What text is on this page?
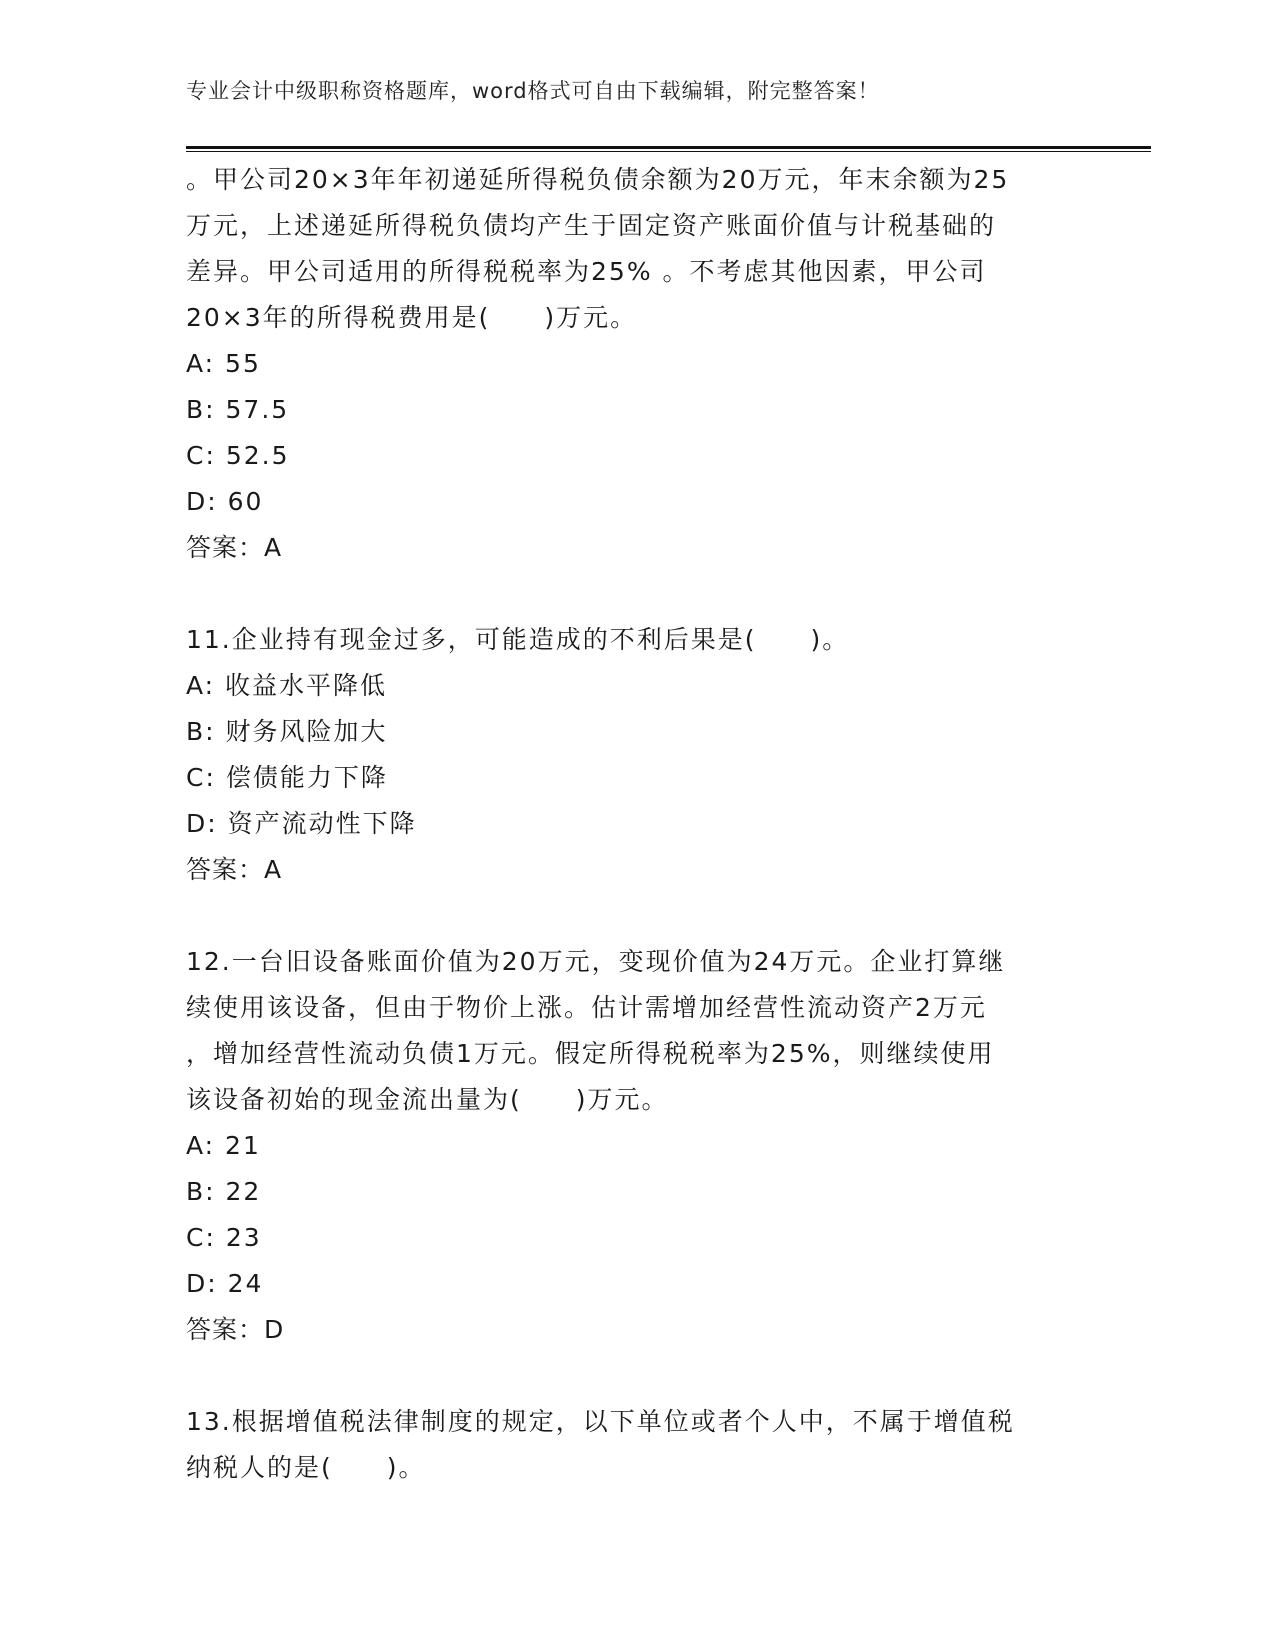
专业会计中级职称资格题库，word格式可自由下载编辑，附完整答案！
。甲公司20×3年年初递延所得税负债余额为20万元，年末余额为25
万元，上述递延所得税负债均产生于固定资产账面价值与计税基础的
差异。甲公司适用的所得税税率为25% 。不考虑其他因素，甲公司
20×3年的所得税费用是(　　)万元。
A: 55
B: 57.5
C: 52.5
D: 60
答案：A
11.企业持有现金过多，可能造成的不利后果是(　　)。
A: 收益水平降低
B: 财务风险加大
C: 偿债能力下降
D: 资产流动性下降
答案：A
12.一台旧设备账面价值为20万元，变现价值为24万元。企业打算继
续使用该设备，但由于物价上涨。估计需增加经营性流动资产2万元
，增加经营性流动负债1万元。假定所得税税率为25%，则继续使用
该设备初始的现金流出量为(　　)万元。
A: 21
B: 22
C: 23
D: 24
答案：D
13.根据增值税法律制度的规定，以下单位或者个人中，不属于增值税
纳税人的是(　　)。
